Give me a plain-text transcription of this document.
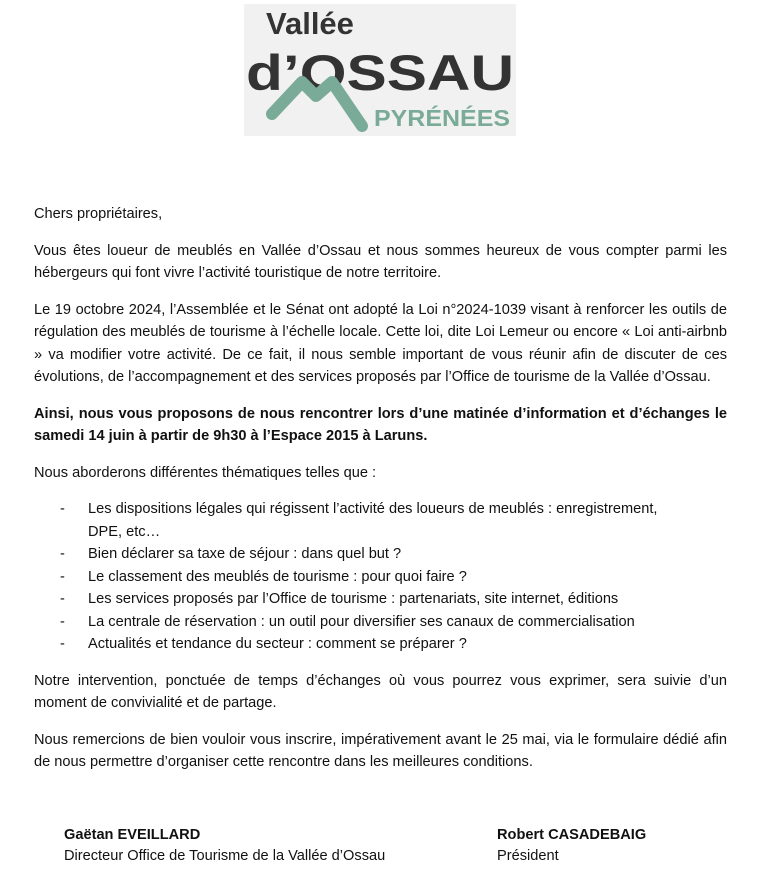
Vallée
d’OSSAU
PYRÉNÉES

Chers propriétaires,

Vous êtes loueur de meublés en Vallée d’Ossau et nous sommes heureux de vous compter parmi les hébergeurs qui font vivre l’activité touristique de notre territoire.

Le 19 octobre 2024, l’Assemblée et le Sénat ont adopté la Loi n°2024-1039 visant à renforcer les outils de régulation des meublés de tourisme à l’échelle locale. Cette loi, dite Loi Lemeur ou encore « Loi anti-airbnb » va modifier votre activité. De ce fait, il nous semble important de vous réunir afin de discuter de ces évolutions, de l’accompagnement et des services proposés par l’Office de tourisme de la Vallée d’Ossau.

Ainsi, nous vous proposons de nous rencontrer lors d’une matinée d’information et d’échanges le samedi 14 juin à partir de 9h30 à l’Espace 2015 à Laruns.

Nous aborderons différentes thématiques telles que :

- Les dispositions légales qui régissent l’activité des loueurs de meublés : enregistrement, DPE, etc…
- Bien déclarer sa taxe de séjour : dans quel but ?
- Le classement des meublés de tourisme : pour quoi faire ?
- Les services proposés par l’Office de tourisme : partenariats, site internet, éditions
- La centrale de réservation : un outil pour diversifier ses canaux de commercialisation
- Actualités et tendance du secteur : comment se préparer ?

Notre intervention, ponctuée de temps d’échanges où vous pourrez vous exprimer, sera suivie d’un moment de convivialité et de partage.

Nous remercions de bien vouloir vous inscrire, impérativement avant le 25 mai, via le formulaire dédié afin de nous permettre d’organiser cette rencontre dans les meilleures conditions.

Gaëtan EVEILLARD
Directeur Office de Tourisme de la Vallée d’Ossau
Robert CASADEBAIG
Président
